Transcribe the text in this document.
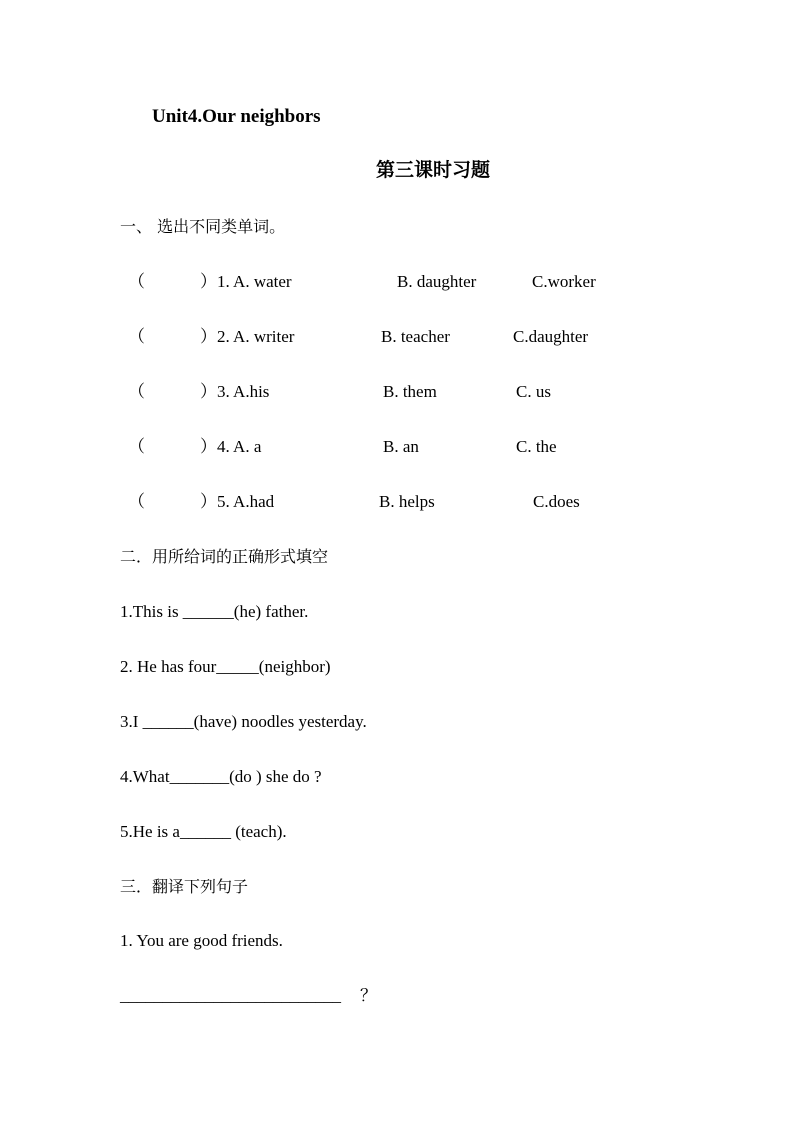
Unit4.Our neighbors
第三课时习题
一、 选出不同类单词。
（	）1. A. water	B. daughter	C.worker
（	）2. A. writer	B. teacher	C.daughter
（	）3. A.his	B. them	C. us
（	）4. A. a	B. an	C. the
（	）5. A.had	B. helps	C.does
二．用所给词的正确形式填空
1.This is ______(he) father.
2. He has four_____(neighbor)
3.I ______(have) noodles yesterday.
4.What_______(do ) she do ?
5.He is a______ (teach).
三．翻译下列句子
1. You are good friends.
__________________________ ？
